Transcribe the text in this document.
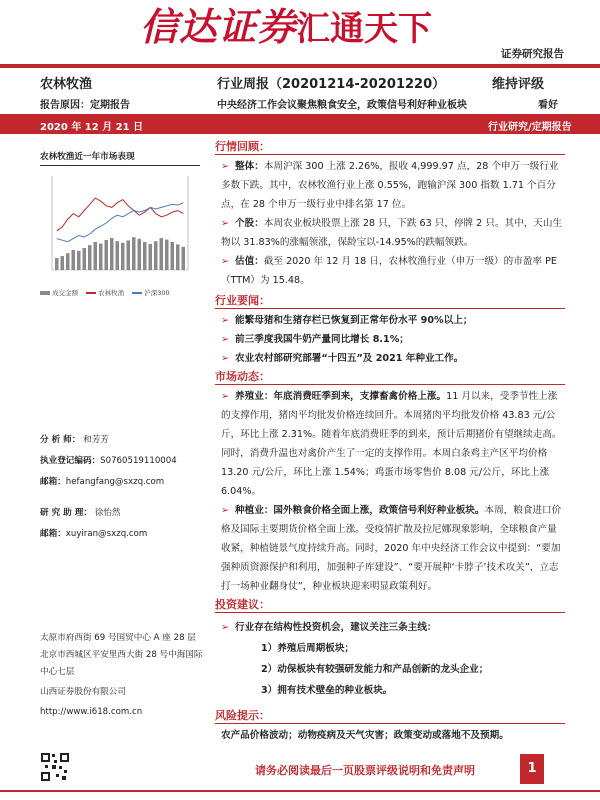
信达证券汇通天下
证券研究报告
农林牧渔	行业周报（20201214-20201220）	维持评级
报告原因：定期报告	中央经济工作会议聚焦粮食安全，政策信号利好种业板块	看好
2020 年 12 月 21 日	行业研究/定期报告
农林牧渔近一年市场表现
成交金额	农林牧渔	沪深300
分 析 师： 和芳芳
执业登记编码：S0760519110004
邮箱：hefangfang@sxzq.com
研 究 助 理： 徐怡然
邮箱：xuyiran@sxzq.com
太原市府西街 69 号国贸中心 A 座 28 层
北京市西城区平安里西大街 28 号中海国际中心七层
山西证券股份有限公司
http://www.i618.com.cn
行情回顾：
➢ 整体：本周沪深 300 上涨 2.26%，报收 4,999.97 点，28 个申万一级行业多数下跌。其中，农林牧渔行业上涨 0.55%，跑输沪深 300 指数 1.71 个百分点，在 28 个申万一级行业中排名第 17 位。
➢ 个股：本周农业板块股票上涨 28 只，下跌 63 只，停牌 2 只。其中，天山生物以 31.83%的涨幅领涨，保龄宝以-14.95%的跌幅领跌。
➢ 估值：截至 2020 年 12 月 18 日，农林牧渔行业（申万一级）的市盈率 PE（TTM）为 15.48。
行业要闻：
➢ 能繁母猪和生猪存栏已恢复到正常年份水平 90%以上；
➢ 前三季度我国牛奶产量同比增长 8.1%；
➢ 农业农村部研究部署“十四五”及 2021 年种业工作。
市场动态：
➢ 养殖业：年底消费旺季到来，支撑畜禽价格上涨。11 月以来，受季节性上涨的支撑作用，猪肉平均批发价格连续回升。本周猪肉平均批发价格 43.83 元/公斤，环比上涨 2.31%。随着年底消费旺季的到来，预计后期猪价有望继续走高。同时，消费升温也对禽价产生了一定的支撑作用。本周白条鸡主产区平均价格 13.20 元/公斤，环比上涨 1.54%；鸡蛋市场零售价 8.08 元/公斤，环比上涨 6.04%。
➢ 种植业：国外粮食价格全面上涨，政策信号利好种业板块。本周，粮食进口价格及国际主要期货价格全面上涨。受疫情扩散及拉尼娜现象影响，全球粮食产量收紧，种植链景气度持续升高。同时，2020 年中央经济工作会议中提到：“要加强种质资源保护和利用，加强种子库建设”、“要开展种‘卡脖子’技术攻关”，立志打一场种业翻身仗”，种业板块迎来明显政策利好。
投资建议：
➢ 行业存在结构性投资机会，建议关注三条主线：
1）养殖后周期板块；
2）动保板块有较强研发能力和产品创新的龙头企业；
3）拥有技术壁垒的种业板块。
风险提示：
农产品价格波动；动物疫病及天气灾害；政策变动或落地不及预期。
请务必阅读最后一页股票评级说明和免责声明	1
